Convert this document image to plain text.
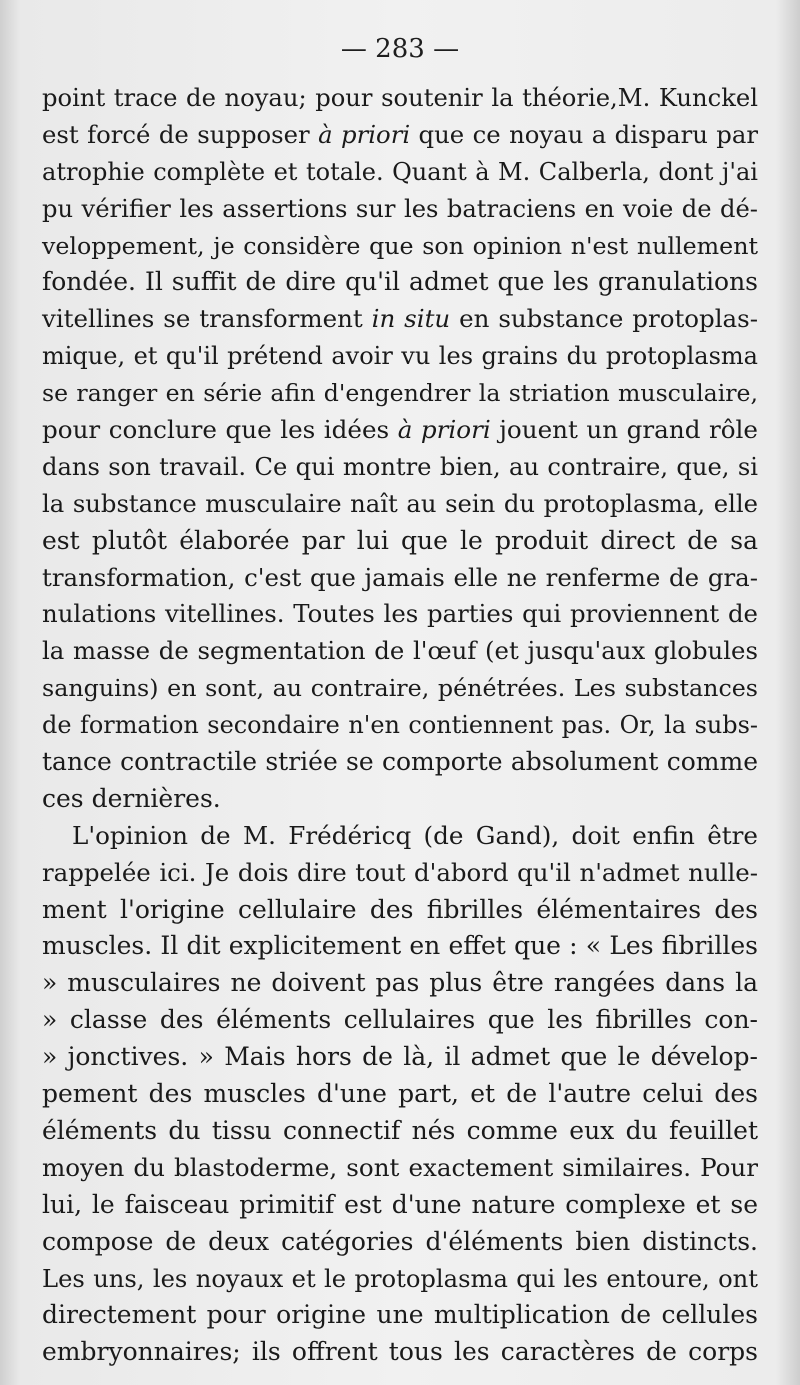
— 283 —
point trace de noyau; pour soutenir la théorie,M. Kunckel
est forcé de supposer à priori que ce noyau a disparu par
atrophie complète et totale. Quant à M. Calberla, dont j'ai
pu vérifier les assertions sur les batraciens en voie de dé-
veloppement, je considère que son opinion n'est nullement
fondée. Il suffit de dire qu'il admet que les granulations
vitellines se transforment in situ en substance protoplas-
mique, et qu'il prétend avoir vu les grains du protoplasma
se ranger en série afin d'engendrer la striation musculaire,
pour conclure que les idées à priori jouent un grand rôle
dans son travail. Ce qui montre bien, au contraire, que, si
la substance musculaire naît au sein du protoplasma, elle
est plutôt élaborée par lui que le produit direct de sa
transformation, c'est que jamais elle ne renferme de gra-
nulations vitellines. Toutes les parties qui proviennent de
la masse de segmentation de l'œuf (et jusqu'aux globules
sanguins) en sont, au contraire, pénétrées. Les substances
de formation secondaire n'en contiennent pas. Or, la subs-
tance contractile striée se comporte absolument comme
ces dernières.
L'opinion de M. Frédéricq (de Gand), doit enfin être
rappelée ici. Je dois dire tout d'abord qu'il n'admet nulle-
ment l'origine cellulaire des fibrilles élémentaires des
muscles. Il dit explicitement en effet que : « Les fibrilles
» musculaires ne doivent pas plus être rangées dans la
» classe des éléments cellulaires que les fibrilles con-
» jonctives. » Mais hors de là, il admet que le dévelop-
pement des muscles d'une part, et de l'autre celui des
éléments du tissu connectif nés comme eux du feuillet
moyen du blastoderme, sont exactement similaires. Pour
lui, le faisceau primitif est d'une nature complexe et se
compose de deux catégories d'éléments bien distincts.
Les uns, les noyaux et le protoplasma qui les entoure, ont
directement pour origine une multiplication de cellules
embryonnaires; ils offrent tous les caractères de corps
